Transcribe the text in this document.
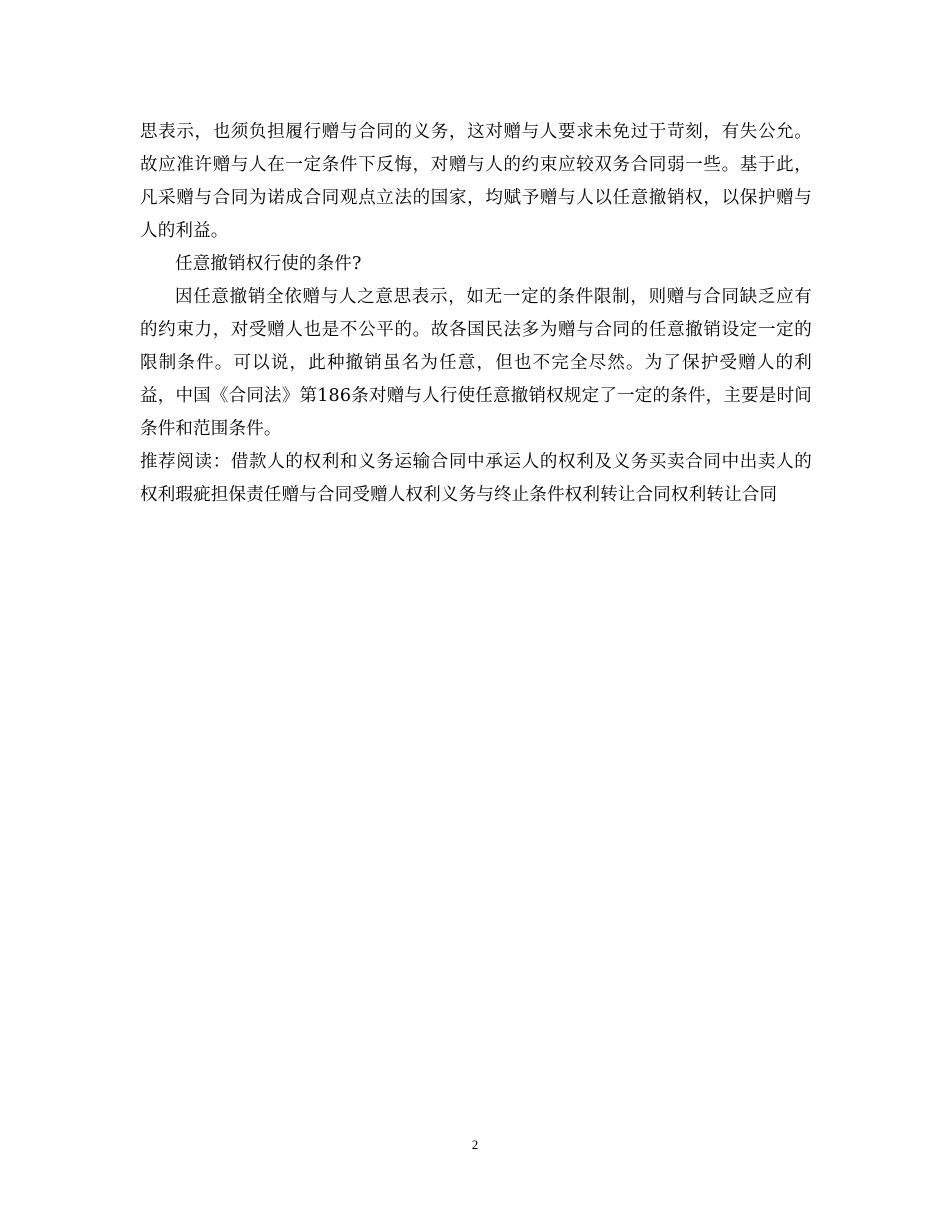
思表示，也须负担履行赠与合同的义务，这对赠与人要求未免过于苛刻，有失公允。故应准许赠与人在一定条件下反悔，对赠与人的约束应较双务合同弱一些。基于此，凡采赠与合同为诺成合同观点立法的国家，均赋予赠与人以任意撤销权，以保护赠与人的利益。

任意撤销权行使的条件?

因任意撤销全依赠与人之意思表示，如无一定的条件限制，则赠与合同缺乏应有的约束力，对受赠人也是不公平的。故各国民法多为赠与合同的任意撤销设定一定的限制条件。可以说，此种撤销虽名为任意，但也不完全尽然。为了保护受赠人的利益，中国《合同法》第186条对赠与人行使任意撤销权规定了一定的条件，主要是时间条件和范围条件。

推荐阅读：借款人的权利和义务运输合同中承运人的权利及义务买卖合同中出卖人的权利瑕疵担保责任赠与合同受赠人权利义务与终止条件权利转让合同权利转让合同

2
